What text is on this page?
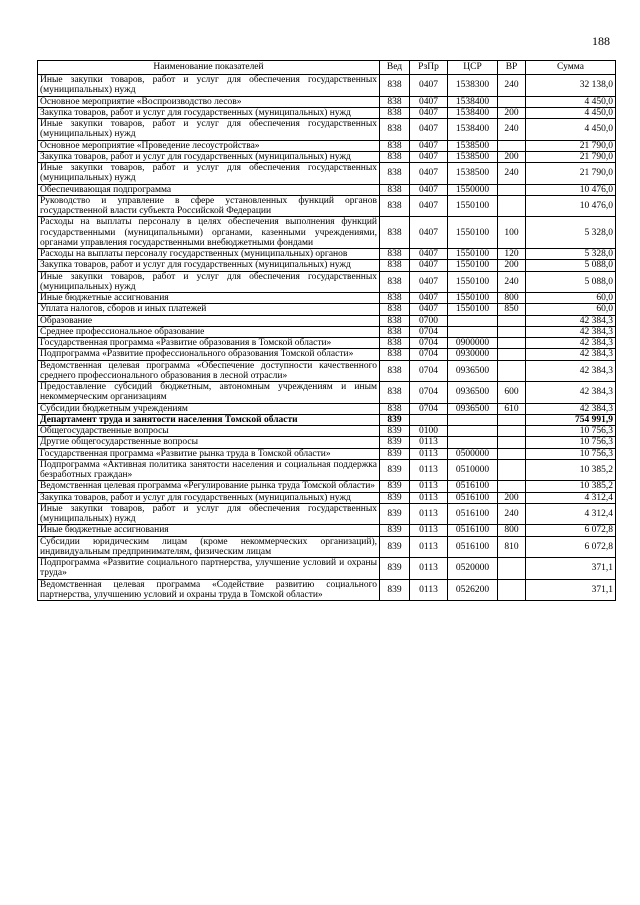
188
Наименование показателей	Вед	РзПр	ЦСР	ВР	Сумма
Иные закупки товаров, работ и услуг для обеспечения государственных (муниципальных) нужд	838	0407	1538300	240	32 138,0
Основное мероприятие «Воспроизводство лесов»	838	0407	1538400		4 450,0
Закупка товаров, работ и услуг для государственных (муниципальных) нужд	838	0407	1538400	200	4 450,0
Иные закупки товаров, работ и услуг для обеспечения государственных (муниципальных) нужд	838	0407	1538400	240	4 450,0
Основное мероприятие «Проведение лесоустройства»	838	0407	1538500		21 790,0
Закупка товаров, работ и услуг для государственных (муниципальных) нужд	838	0407	1538500	200	21 790,0
Иные закупки товаров, работ и услуг для обеспечения государственных (муниципальных) нужд	838	0407	1538500	240	21 790,0
Обеспечивающая подпрограмма	838	0407	1550000		10 476,0
Руководство и управление в сфере установленных функций органов государственной власти субъекта Российской Федерации	838	0407	1550100		10 476,0
Расходы на выплаты персоналу в целях обеспечения выполнения функций государственными (муниципальными) органами, казенными учреждениями, органами управления государственными внебюджетными фондами	838	0407	1550100	100	5 328,0
Расходы на выплаты персоналу государственных (муниципальных) органов	838	0407	1550100	120	5 328,0
Закупка товаров, работ и услуг для государственных (муниципальных) нужд	838	0407	1550100	200	5 088,0
Иные закупки товаров, работ и услуг для обеспечения государственных (муниципальных) нужд	838	0407	1550100	240	5 088,0
Иные бюджетные ассигнования	838	0407	1550100	800	60,0
Уплата налогов, сборов и иных платежей	838	0407	1550100	850	60,0
Образование	838	0700			42 384,3
Среднее профессиональное образование	838	0704			42 384,3
Государственная программа «Развитие образования в Томской области»	838	0704	0900000		42 384,3
Подпрограмма «Развитие профессионального образования Томской области»	838	0704	0930000		42 384,3
Ведомственная целевая программа «Обеспечение доступности качественного среднего профессионального образования в лесной отрасли»	838	0704	0936500		42 384,3
Предоставление субсидий бюджетным, автономным учреждениям и иным некоммерческим организациям	838	0704	0936500	600	42 384,3
Субсидии бюджетным учреждениям	838	0704	0936500	610	42 384,3
Департамент труда и занятости населения Томской области	839				754 991,9
Общегосударственные вопросы	839	0100			10 756,3
Другие общегосударственные вопросы	839	0113			10 756,3
Государственная программа «Развитие рынка труда в Томской области»	839	0113	0500000		10 756,3
Подпрограмма «Активная политика занятости населения и социальная поддержка безработных граждан»	839	0113	0510000		10 385,2
Ведомственная целевая программа «Регулирование рынка труда Томской области»	839	0113	0516100		10 385,2
Закупка товаров, работ и услуг для государственных (муниципальных) нужд	839	0113	0516100	200	4 312,4
Иные закупки товаров, работ и услуг для обеспечения государственных (муниципальных) нужд	839	0113	0516100	240	4 312,4
Иные бюджетные ассигнования	839	0113	0516100	800	6 072,8
Субсидии юридическим лицам (кроме некоммерческих организаций), индивидуальным предпринимателям, физическим лицам	839	0113	0516100	810	6 072,8
Подпрограмма «Развитие социального партнерства, улучшение условий и охраны труда»	839	0113	0520000		371,1
Ведомственная целевая программа «Содействие развитию социального партнерства, улучшению условий и охраны труда в Томской области»	839	0113	0526200		371,1
